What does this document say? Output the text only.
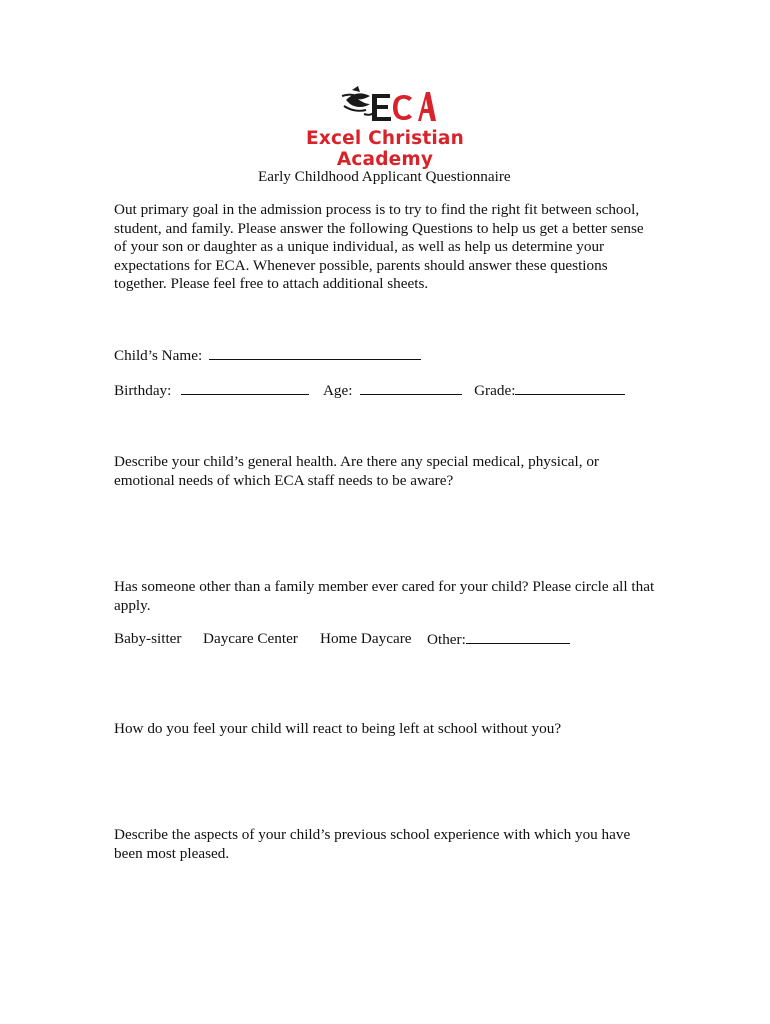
Excel Christian Academy
Early Childhood Applicant Questionnaire
Out primary goal in the admission process is to try to find the right fit between school,
student, and family. Please answer the following Questions to help us get a better sense
of your son or daughter as a unique individual, as well as help us determine your
expectations for ECA. Whenever possible, parents should answer these questions
together. Please feel free to attach additional sheets.
Child’s Name:
Birthday:	Age:	Grade:
Describe your child’s general health. Are there any special medical, physical, or
emotional needs of which ECA staff needs to be aware?
Has someone other than a family member ever cared for your child? Please circle all that
apply.
Baby-sitter Daycare Center Home Daycare Other:
How do you feel your child will react to being left at school without you?
Describe the aspects of your child’s previous school experience with which you have
been most pleased.
